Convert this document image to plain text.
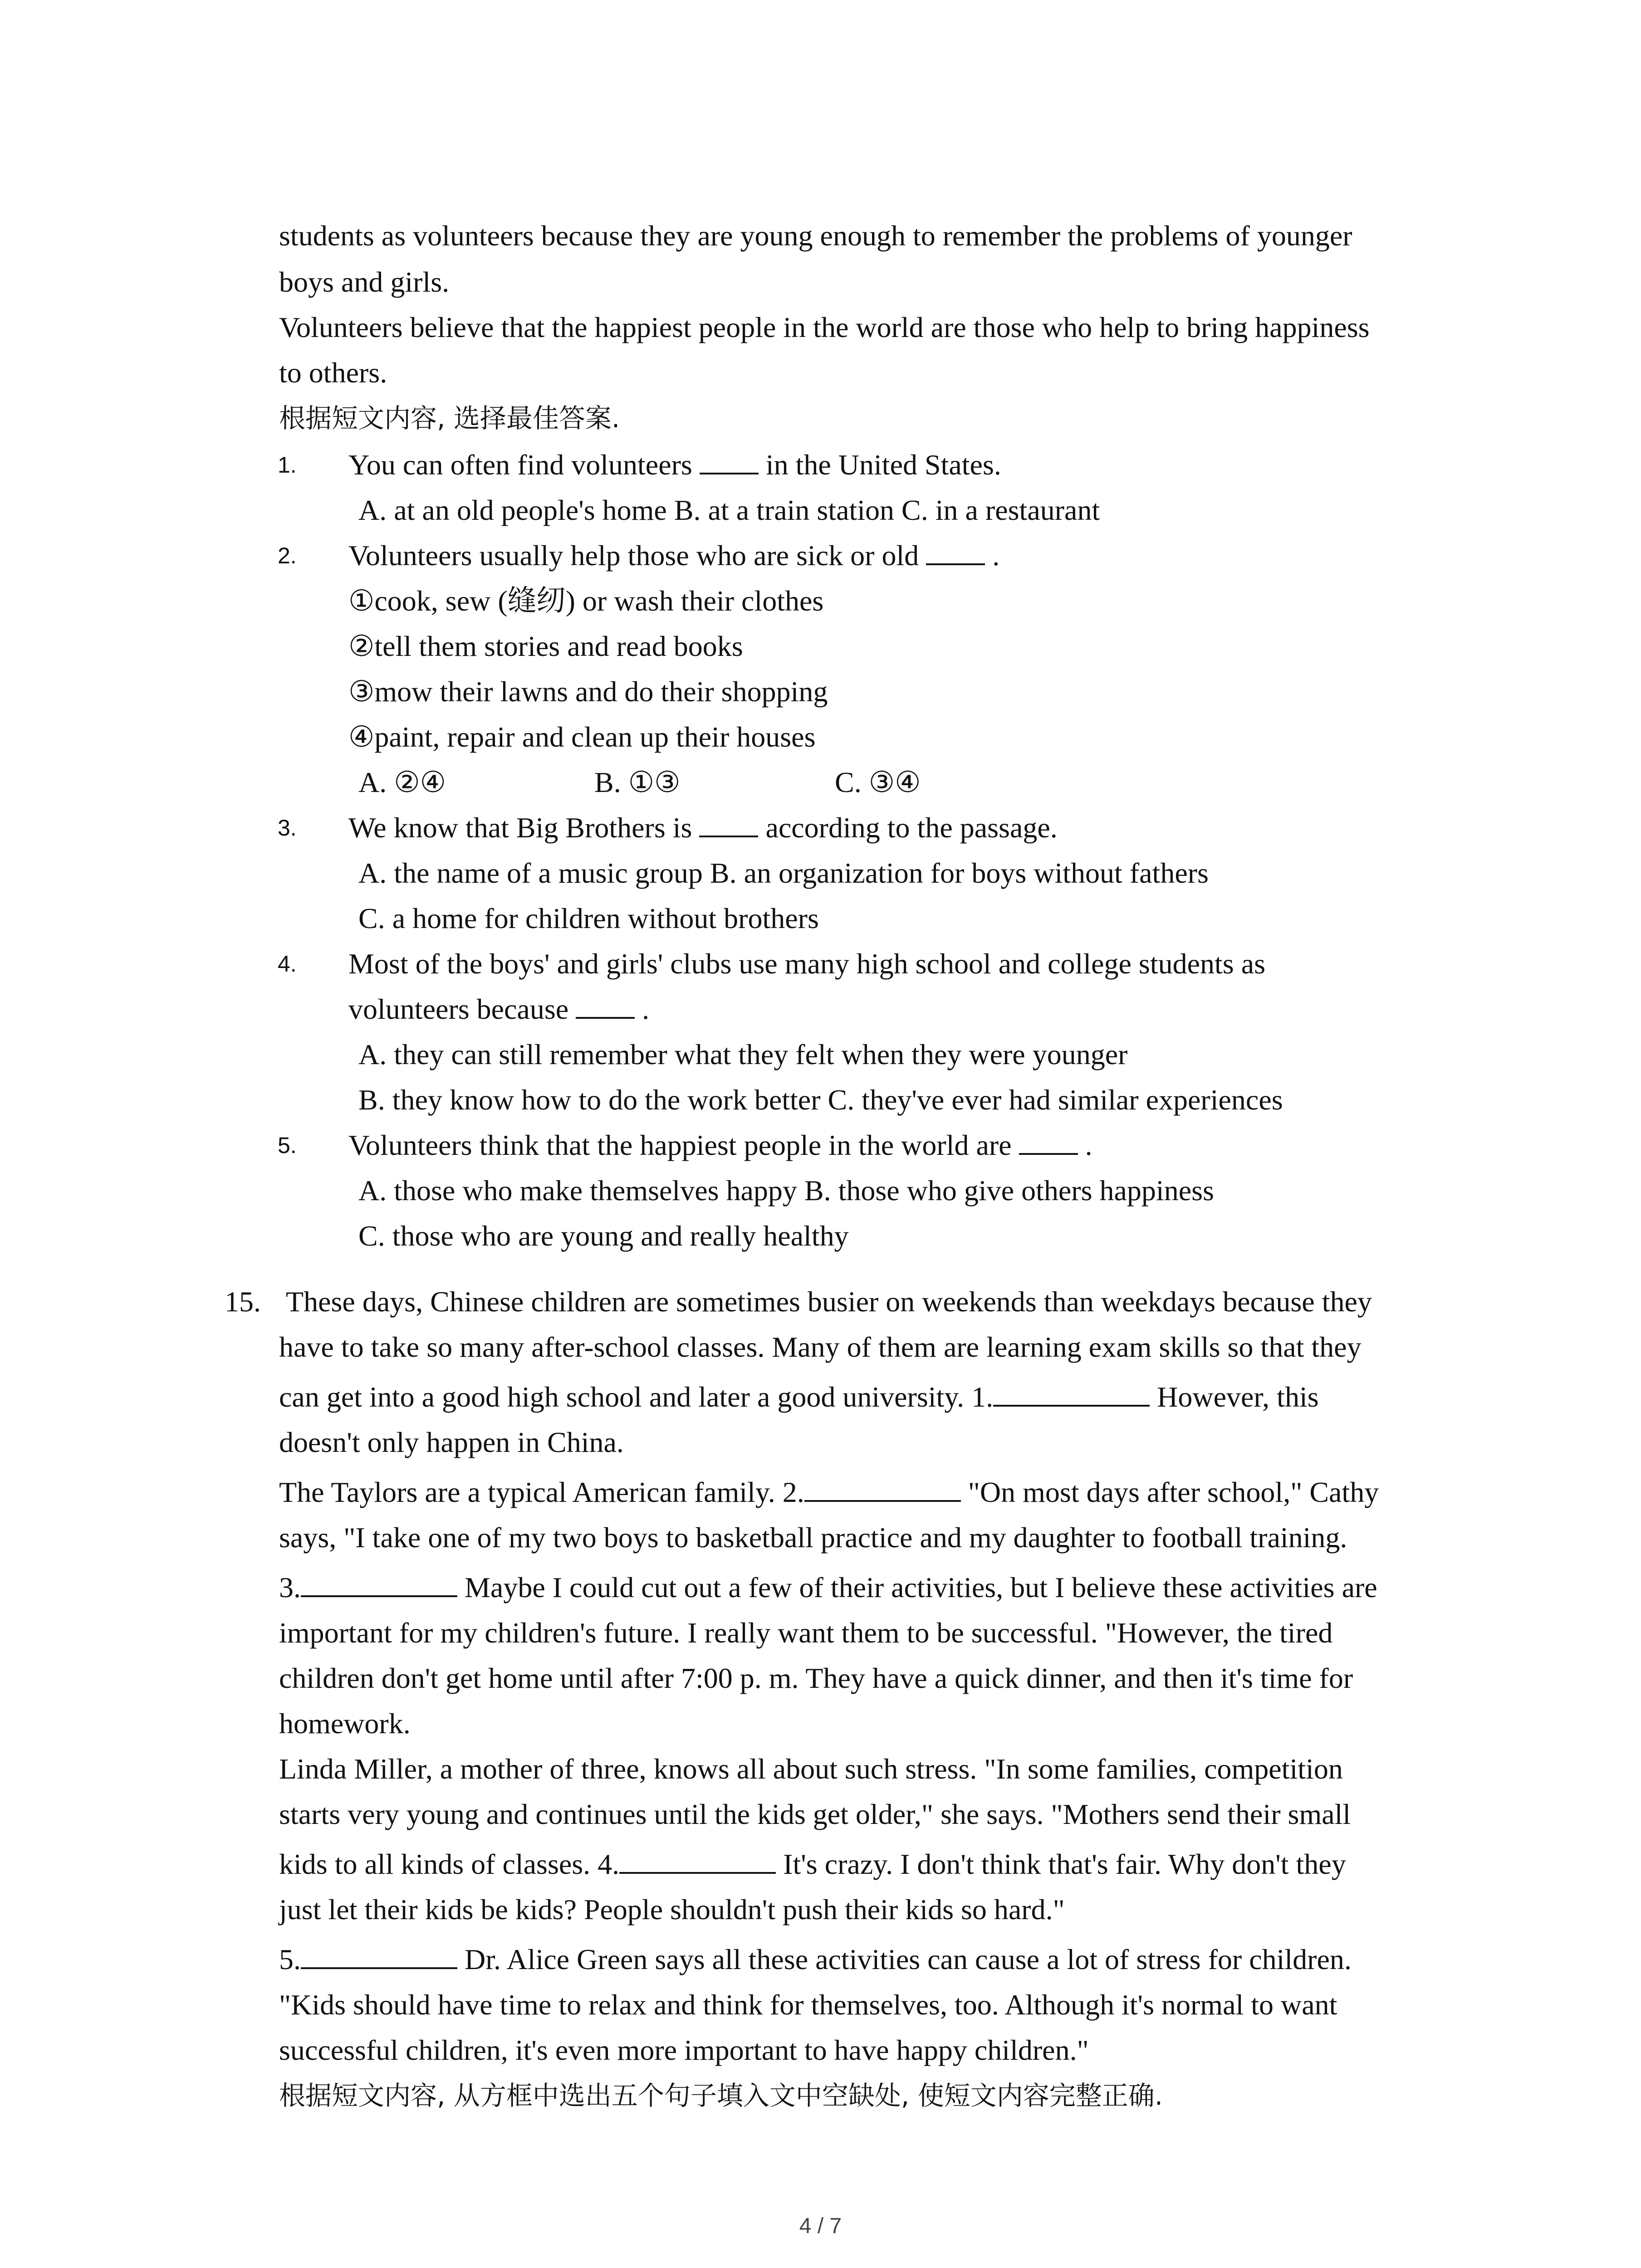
students as volunteers because they are young enough to remember the problems of younger
boys and girls.
Volunteers believe that the happiest people in the world are those who help to bring happiness
to others.
根据短文内容, 选择最佳答案.
1. You can often find volunteers	in the United States.
A. at an old people's home B. at a train station C. in a restaurant
2. Volunteers usually help those who are sick or old	.
①cook, sew (缝纫) or wash their clothes
②tell them stories and read books
③mow their lawns and do their shopping
④paint, repair and clean up their houses
A. ②④	B. ①③	C. ③④
3. We know that Big Brothers is	according to the passage.
A. the name of a music group B. an organization for boys without fathers
C. a home for children without brothers
4. Most of the boys' and girls' clubs use many high school and college students as
volunteers because	.
A. they can still remember what they felt when they were younger
B. they know how to do the work better C. they've ever had similar experiences
5. Volunteers think that the happiest people in the world are	.
A. those who make themselves happy B. those who give others happiness
C. those who are young and really healthy
15. These days, Chinese children are sometimes busier on weekends than weekdays because they
have to take so many after-school classes. Many of them are learning exam skills so that they
can get into a good high school and later a good university. 1.	However, this
doesn't only happen in China.
The Taylors are a typical American family. 2.	"On most days after school," Cathy
says, "I take one of my two boys to basketball practice and my daughter to football training.
3.	Maybe I could cut out a few of their activities, but I believe these activities are
important for my children's future. I really want them to be successful. "However, the tired
children don't get home until after 7:00 p. m. They have a quick dinner, and then it's time for
homework.
Linda Miller, a mother of three, knows all about such stress. "In some families, competition
starts very young and continues until the kids get older," she says. "Mothers send their small
kids to all kinds of classes. 4.	It's crazy. I don't think that's fair. Why don't they
just let their kids be kids? People shouldn't push their kids so hard."
5.	Dr. Alice Green says all these activities can cause a lot of stress for children.
"Kids should have time to relax and think for themselves, too. Although it's normal to want
successful children, it's even more important to have happy children."
根据短文内容, 从方框中选出五个句子填入文中空缺处, 使短文内容完整正确.
4 / 7
